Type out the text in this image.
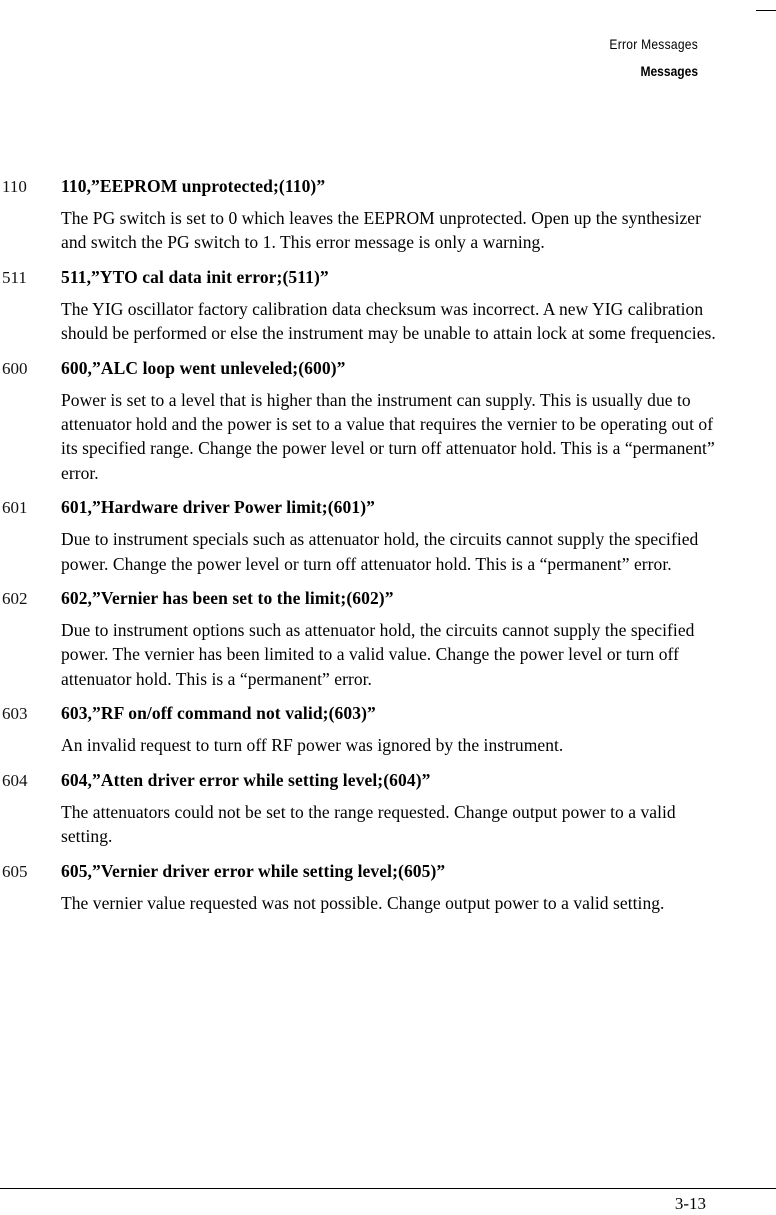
Error Messages
Messages
110	110,”EEPROM unprotected;(110)”
The PG switch is set to 0 which leaves the EEPROM unprotected. Open up the synthesizer and switch the PG switch to 1. This error message is only a warning.
511	511,”YTO cal data init error;(511)”
The YIG oscillator factory calibration data checksum was incorrect. A new YIG calibration should be performed or else the instrument may be unable to attain lock at some frequencies.
600	600,”ALC loop went unleveled;(600)”
Power is set to a level that is higher than the instrument can supply. This is usually due to attenuator hold and the power is set to a value that requires the vernier to be operating out of its specified range. Change the power level or turn off attenuator hold. This is a “permanent” error.
601	601,”Hardware driver Power limit;(601)”
Due to instrument specials such as attenuator hold, the circuits cannot supply the specified power. Change the power level or turn off attenuator hold. This is a “permanent” error.
602	602,”Vernier has been set to the limit;(602)”
Due to instrument options such as attenuator hold, the circuits cannot supply the specified power. The vernier has been limited to a valid value. Change the power level or turn off attenuator hold. This is a “permanent” error.
603	603,”RF on/off command not valid;(603)”
An invalid request to turn off RF power was ignored by the instrument.
604	604,”Atten driver error while setting level;(604)”
The attenuators could not be set to the range requested. Change output power to a valid setting.
605	605,”Vernier driver error while setting level;(605)”
The vernier value requested was not possible. Change output power to a valid setting.
3-13
